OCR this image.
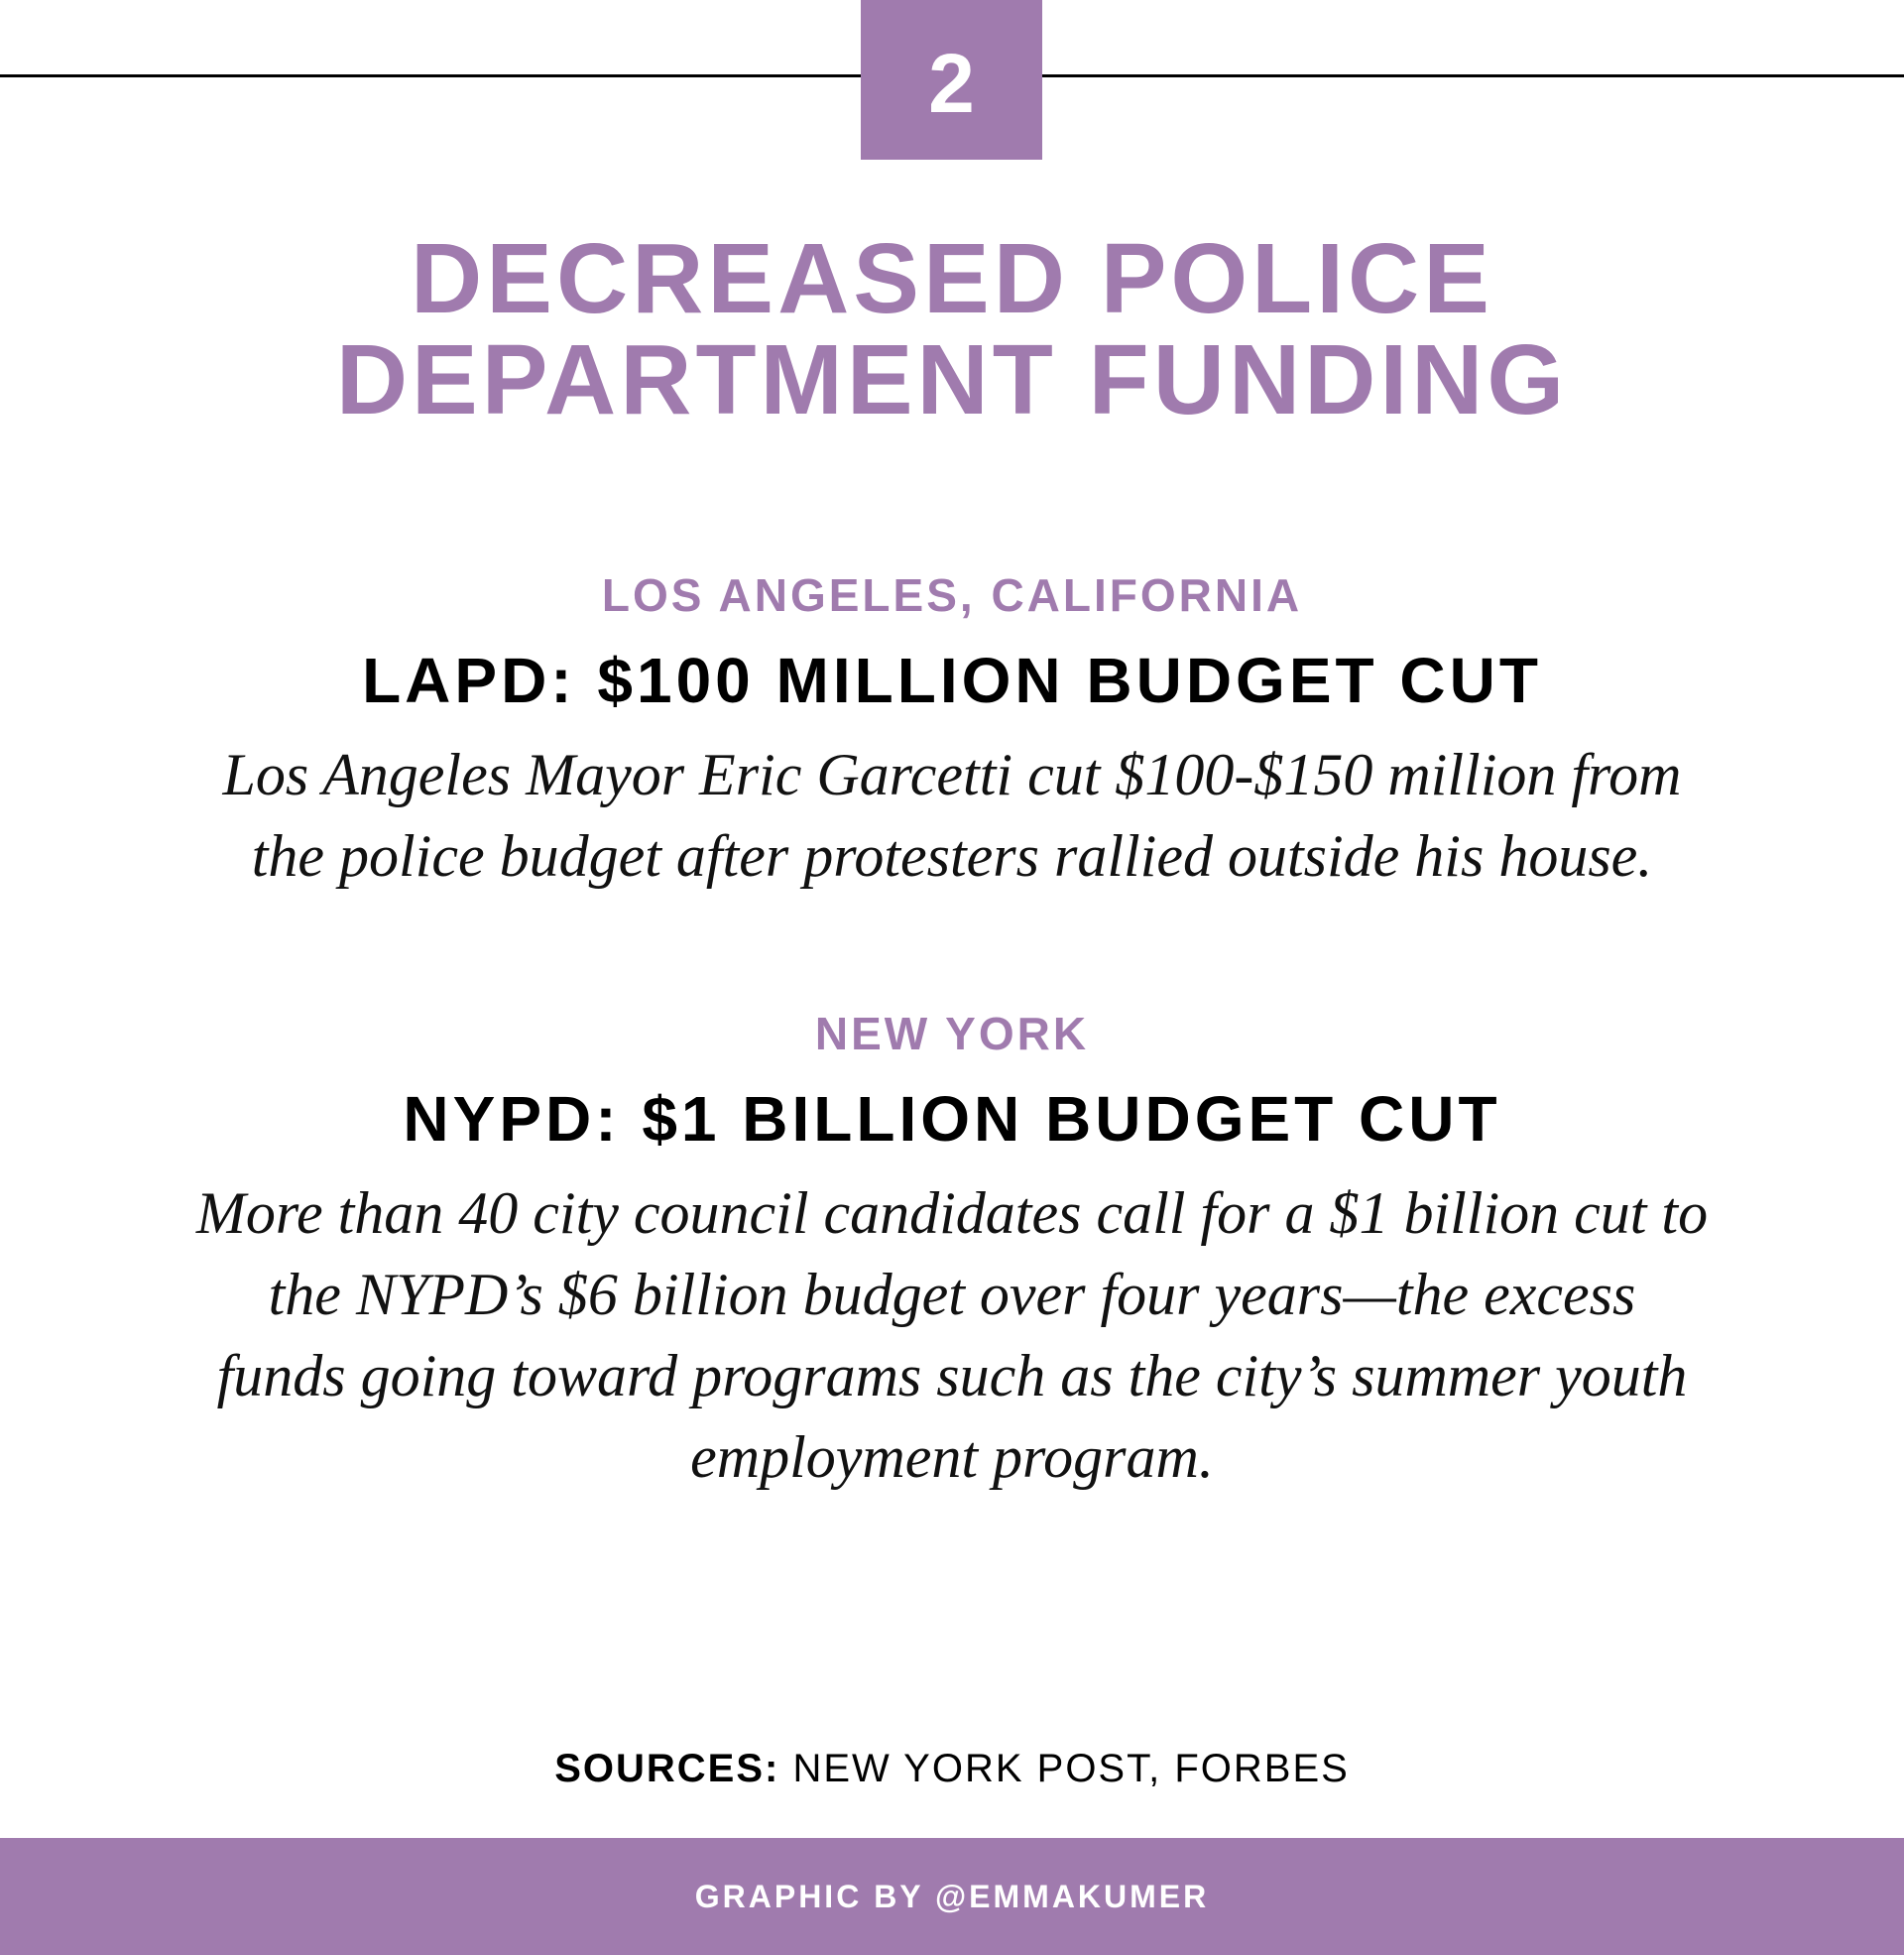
2
DECREASED POLICE
DEPARTMENT FUNDING
LOS ANGELES, CALIFORNIA
LAPD: $100 MILLION BUDGET CUT
Los Angeles Mayor Eric Garcetti cut $100-$150 million from
the police budget after protesters rallied outside his house.
NEW YORK
NYPD: $1 BILLION BUDGET CUT
More than 40 city council candidates call for a $1 billion cut to
the NYPD’s $6 billion budget over four years—the excess
funds going toward programs such as the city’s summer youth
employment program.
SOURCES: NEW YORK POST, FORBES
GRAPHIC BY @EMMAKUMER
